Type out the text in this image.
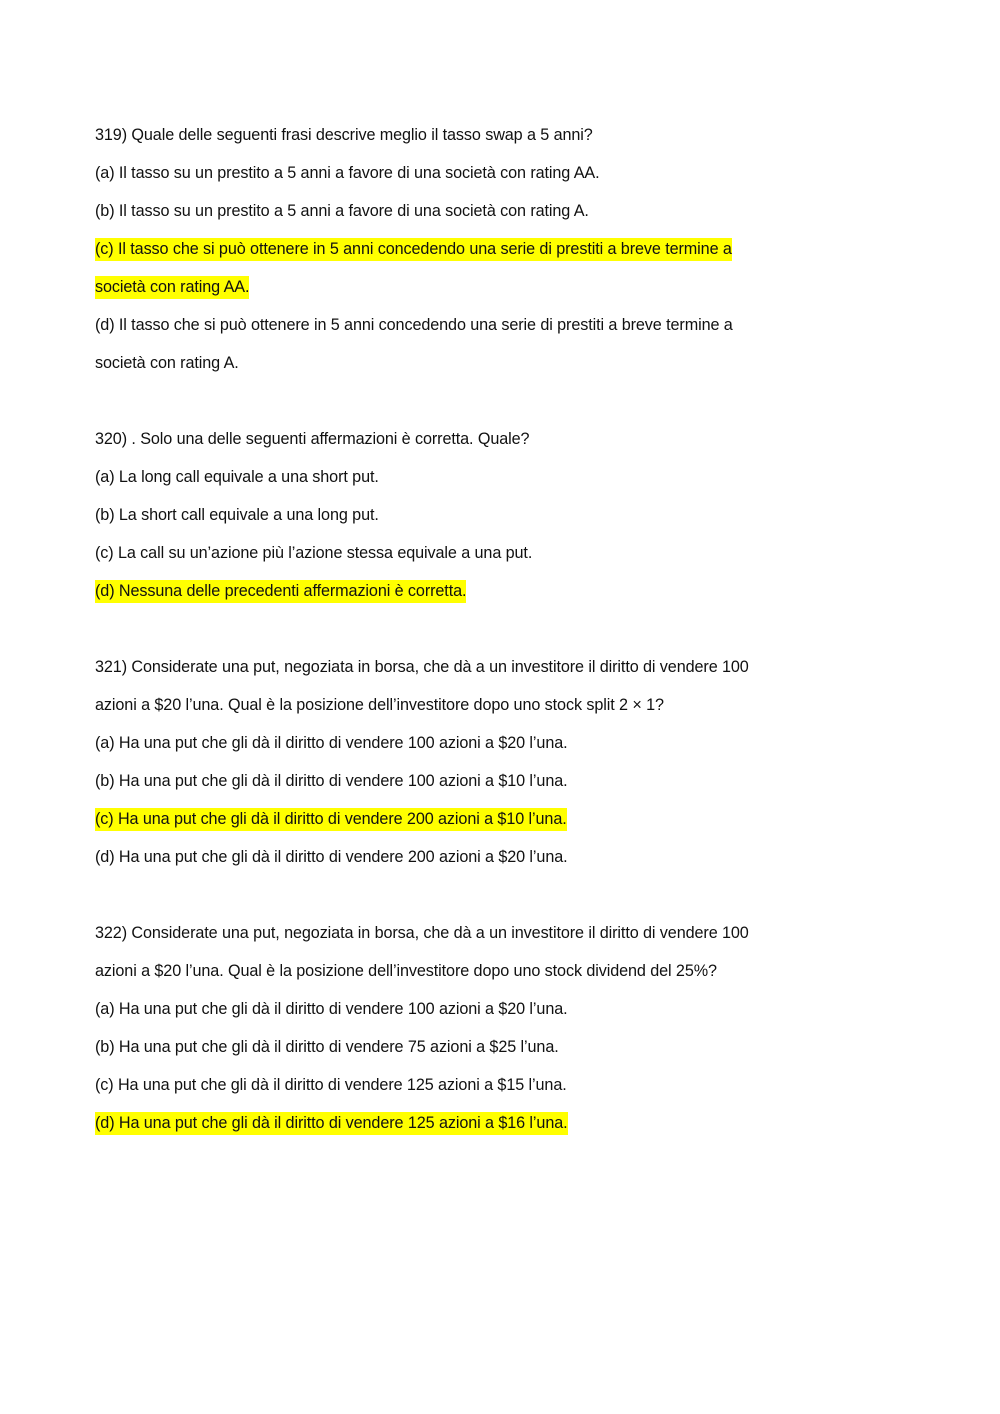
319) Quale delle seguenti frasi descrive meglio il tasso swap a 5 anni?
(a) Il tasso su un prestito a 5 anni a favore di una società con rating AA.
(b) Il tasso su un prestito a 5 anni a favore di una società con rating A.
(c) Il tasso che si può ottenere in 5 anni concedendo una serie di prestiti a breve termine a
società con rating AA.
(d) Il tasso che si può ottenere in 5 anni concedendo una serie di prestiti a breve termine a
società con rating A.
320) . Solo una delle seguenti affermazioni è corretta. Quale?
(a) La long call equivale a una short put.
(b) La short call equivale a una long put.
(c) La call su un’azione più l’azione stessa equivale a una put.
(d) Nessuna delle precedenti affermazioni è corretta.
321) Considerate una put, negoziata in borsa, che dà a un investitore il diritto di vendere 100
azioni a $20 l’una. Qual è la posizione dell’investitore dopo uno stock split 2 × 1?
(a) Ha una put che gli dà il diritto di vendere 100 azioni a $20 l’una.
(b) Ha una put che gli dà il diritto di vendere 100 azioni a $10 l’una.
(c) Ha una put che gli dà il diritto di vendere 200 azioni a $10 l’una.
(d) Ha una put che gli dà il diritto di vendere 200 azioni a $20 l’una.
322) Considerate una put, negoziata in borsa, che dà a un investitore il diritto di vendere 100
azioni a $20 l’una. Qual è la posizione dell’investitore dopo uno stock dividend del 25%?
(a) Ha una put che gli dà il diritto di vendere 100 azioni a $20 l’una.
(b) Ha una put che gli dà il diritto di vendere 75 azioni a $25 l’una.
(c) Ha una put che gli dà il diritto di vendere 125 azioni a $15 l’una.
(d) Ha una put che gli dà il diritto di vendere 125 azioni a $16 l’una.
